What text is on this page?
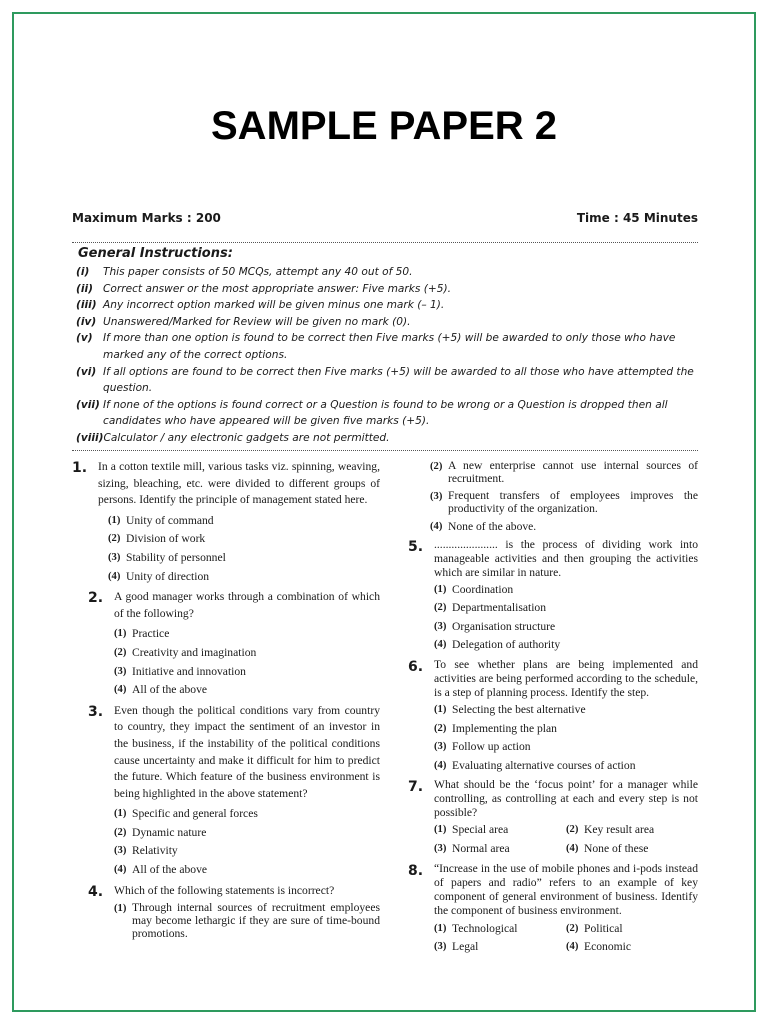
SAMPLE PAPER 2
Maximum Marks : 200	Time : 45 Minutes
General Instructions:
(i)	This paper consists of 50 MCQs, attempt any 40 out of 50.
(ii) Correct answer or the most appropriate answer: Five marks (+5).
(iii) Any incorrect option marked will be given minus one mark (– 1).
(iv) Unanswered/Marked for Review will be given no mark (0).
(v) If more than one option is found to be correct then Five marks (+5) will be awarded to only those who have marked any of the correct options.
(vi) If all options are found to be correct then Five marks (+5) will be awarded to all those who have attempted the question.
(vii) If none of the options is found correct or a Question is found to be wrong or a Question is dropped then all candidates who have appeared will be given five marks (+5).
(viii) Calculator / any electronic gadgets are not permitted.
1. In a cotton textile mill, various tasks viz. spinning, weaving, sizing, bleaching, etc. were divided to different groups of persons. Identify the principle of management stated here.
(1) Unity of command
(2) Division of work
(3) Stability of personnel
(4) Unity of direction
2. A good manager works through a combination of which of the following?
(1) Practice
(2) Creativity and imagination
(3) Initiative and innovation
(4) All of the above
3. Even though the political conditions vary from country to country, they impact the sentiment of an investor in the business, if the instability of the political conditions cause uncertainty and make it difficult for him to predict the future. Which feature of the business environment is being highlighted in the above statement?
(1) Specific and general forces
(2) Dynamic nature
(3) Relativity
(4) All of the above
4. Which of the following statements is incorrect?
(1) Through internal sources of recruitment employees may become lethargic if they are sure of time-bound promotions.
(2) A new enterprise cannot use internal sources of recruitment.
(3) Frequent transfers of employees improves the productivity of the organization.
(4) None of the above.
5. ...................... is the process of dividing work into manageable activities and then grouping the activities which are similar in nature.
(1) Coordination
(2) Departmentalisation
(3) Organisation structure
(4) Delegation of authority
6. To see whether plans are being implemented and activities are being performed according to the schedule, is a step of planning process. Identify the step.
(1) Selecting the best alternative
(2) Implementing the plan
(3) Follow up action
(4) Evaluating alternative courses of action
7. What should be the ‘focus point’ for a manager while controlling, as controlling at each and every step is not possible?
(1) Special area	(2) Key result area
(3) Normal area	(4) None of these
8. “Increase in the use of mobile phones and i-pods instead of papers and radio” refers to an example of key component of general environment of business. Identify the component of business environment.
(1) Technological	(2) Political
(3) Legal	(4) Economic
